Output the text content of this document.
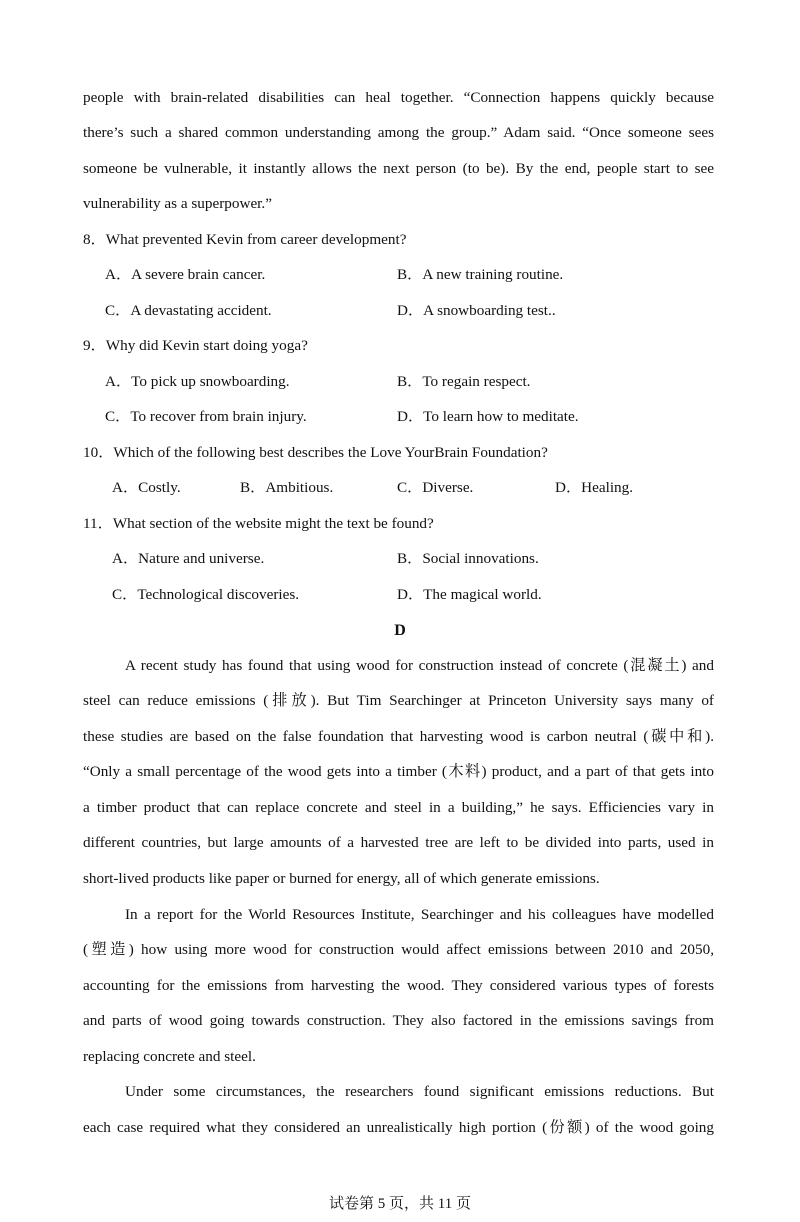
people with brain-related disabilities can heal together. “Connection happens quickly because
there’s such a shared common understanding among the group.” Adam said. “Once someone sees
someone be vulnerable, it instantly allows the next person (to be). By the end, people start to see
vulnerability as a superpower.”
8．What prevented Kevin from career development?
A．A severe brain cancer.	B．A new training routine.
C．A devastating accident.	D．A snowboarding test..
9．Why did Kevin start doing yoga?
A．To pick up snowboarding.	B．To regain respect.
C．To recover from brain injury.	D．To learn how to meditate.
10．Which of the following best describes the Love YourBrain Foundation?
A．Costly.	B．Ambitious.	C．Diverse.	D．Healing.
11．What section of the website might the text be found?
A．Nature and universe.	B．Social innovations.
C．Technological discoveries.	D．The magical world.
D
A recent study has found that using wood for construction instead of concrete (混凝土) and
steel can reduce emissions (排放). But Tim Searchinger at Princeton University says many of
these studies are based on the false foundation that harvesting wood is carbon neutral (碳中和).
“Only a small percentage of the wood gets into a timber (木料) product, and a part of that gets into
a timber product that can replace concrete and steel in a building,” he says. Efficiencies vary in
different countries, but large amounts of a harvested tree are left to be divided into parts, used in
short-lived products like paper or burned for energy, all of which generate emissions.
In a report for the World Resources Institute, Searchinger and his colleagues have modelled
(塑造) how using more wood for construction would affect emissions between 2010 and 2050,
accounting for the emissions from harvesting the wood. They considered various types of forests
and parts of wood going towards construction. They also factored in the emissions savings from
replacing concrete and steel.
Under some circumstances, the researchers found significant emissions reductions. But
each case required what they considered an unrealistically high portion (份额) of the wood going
试卷第 5 页，共 11 页
